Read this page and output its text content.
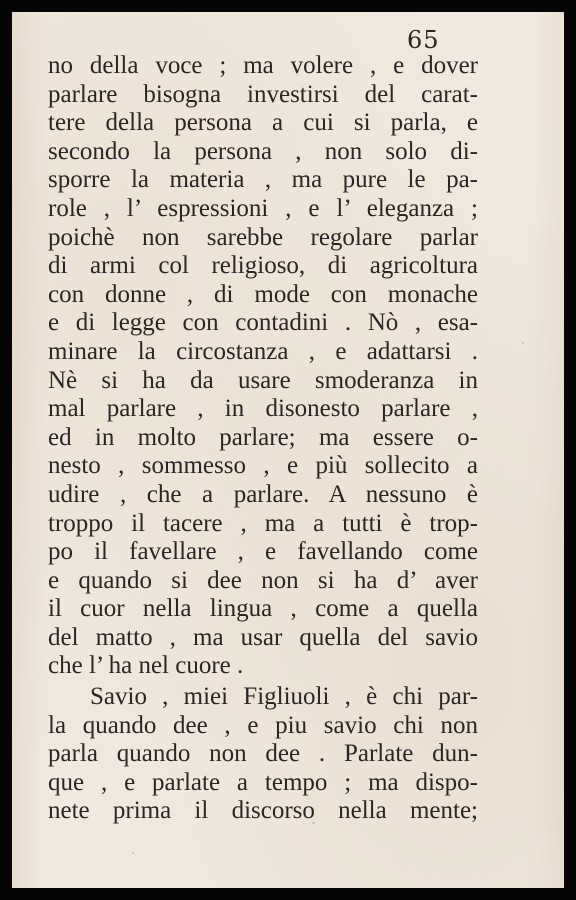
65
no della voce ; ma volere , e dover
parlare bisogna investirsi del carat-
tere della persona a cui si parla, e
secondo la persona , non solo di-
sporre la materia , ma pure le pa-
role , l’ espressioni , e l’ eleganza ;
poichè non sarebbe regolare parlar
di armi col religioso, di agricoltura
con donne , di mode con monache
e di legge con contadini . Nò , esa-
minare la circostanza , e adattarsi .
Nè si ha da usare smoderanza in
mal parlare , in disonesto parlare ,
ed in molto parlare; ma essere o-
nesto , sommesso , e più sollecito a
udire , che a parlare. A nessuno è
troppo il tacere , ma a tutti è trop-
po il favellare , e favellando come
e quando si dee non si ha d’ aver
il cuor nella lingua , come a quella
del matto , ma usar quella del savio
che l’ ha nel cuore .
Savio , miei Figliuoli , è chi par-
la quando dee , e piu savio chi non
parla quando non dee . Parlate dun-
que , e parlate a tempo ; ma dispo-
nete prima il discorso nella mente;
